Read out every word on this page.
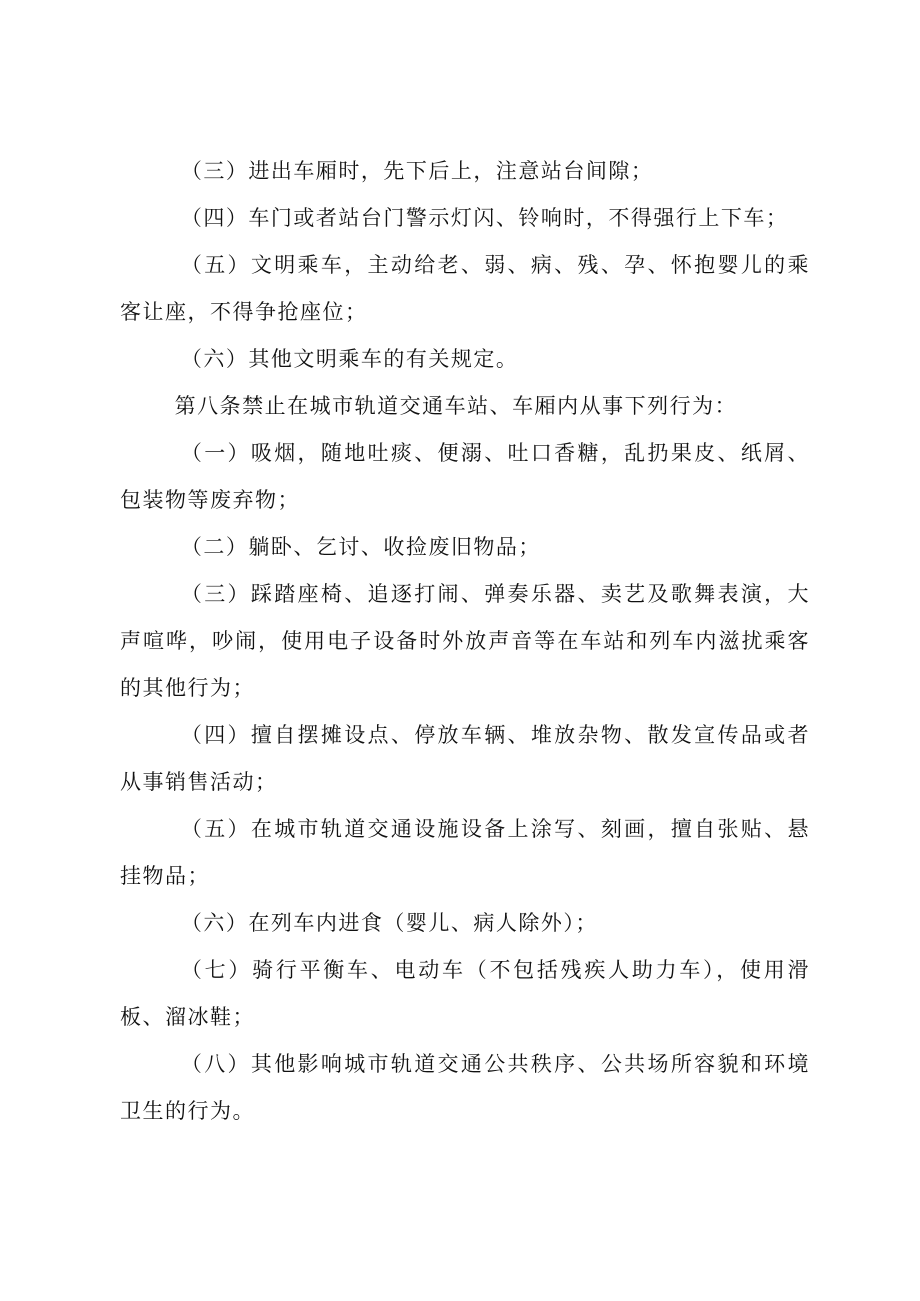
（三）进出车厢时，先下后上，注意站台间隙；

（四）车门或者站台门警示灯闪、铃响时，不得强行上下车；

（五）文明乘车，主动给老、弱、病、残、孕、怀抱婴儿的乘客让座，不得争抢座位；

（六）其他文明乘车的有关规定。

第八条禁止在城市轨道交通车站、车厢内从事下列行为：

（一）吸烟，随地吐痰、便溺、吐口香糖，乱扔果皮、纸屑、包装物等废弃物；

（二）躺卧、乞讨、收捡废旧物品；

（三）踩踏座椅、追逐打闹、弹奏乐器、卖艺及歌舞表演，大声喧哗，吵闹，使用电子设备时外放声音等在车站和列车内滋扰乘客的其他行为；

（四）擅自摆摊设点、停放车辆、堆放杂物、散发宣传品或者从事销售活动；

（五）在城市轨道交通设施设备上涂写、刻画，擅自张贴、悬挂物品；

（六）在列车内进食（婴儿、病人除外）；

（七）骑行平衡车、电动车（不包括残疾人助力车），使用滑板、溜冰鞋；

（八）其他影响城市轨道交通公共秩序、公共场所容貌和环境卫生的行为。
